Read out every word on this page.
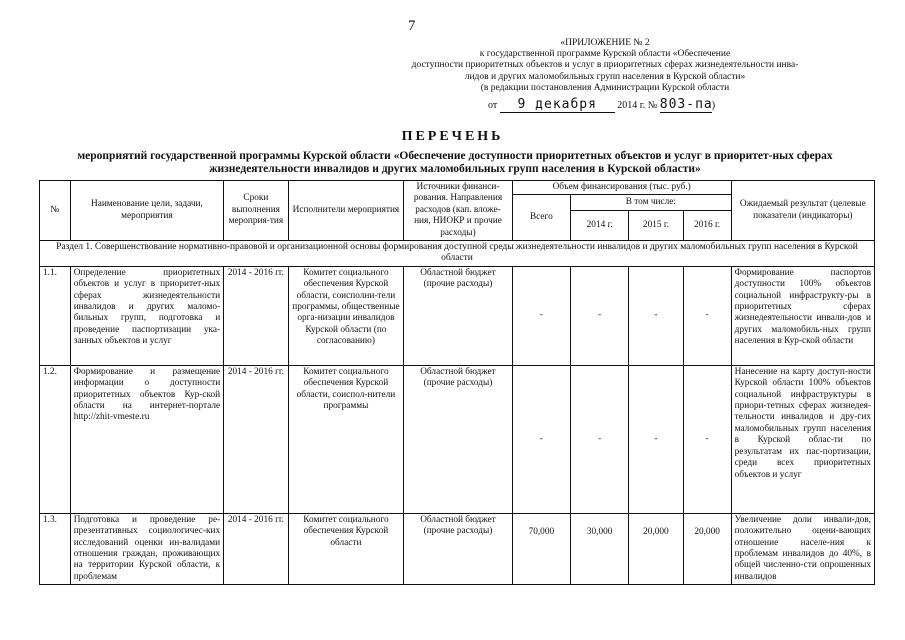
7
«ПРИЛОЖЕНИЕ № 2
к государственной программе Курской области «Обеспечение
доступности приоритетных объектов и услуг в приоритетных сферах жизнедеятельности инва-
лидов и других маломобильных групп населения в Курской области»
(в редакции постановления Администрации Курской области
от 9 декабря 2014 г. № 803-па)
ПЕРЕЧЕНЬ
мероприятий государственной программы Курской области «Обеспечение доступности приоритетных объектов и услуг в приоритет-ных сферах жизнедеятельности инвалидов и других маломобильных групп населения в Курской области»
№	Наименование цели, задачи, мероприятия	Сроки выполнения мероприя-тия	Исполнители мероприятия	Источники финанси-рования. Направления расходов (кап. вложе-ния, НИОКР и прочие расходы)	Объем финансирования (тыс. руб.)				Ожидаемый результат (целевые показатели (индикаторы)
					Всего	В том числе:			
						2014 г.	2015 г.	2016 г.	
Раздел 1. Совершенствование нормативно-правовой и организационной основы формирования доступной среды жизнедеятельности инвалидов и других маломобильных групп населения в Курской области									
1.1.	Определение приоритетных объектов и услуг в приоритет-ных сферах жизнедеятельности инвалидов и других маломо-бильных групп, подготовка и проведение паспортизации ука-занных объектов и услуг	2014 - 2016 гг.	Комитет социального обеспечения Курской области, соисполни-тели программы, общественные орга-низации инвалидов Курской области (по согласованию)	Областной бюджет (прочие расходы)	-	-	-	-	Формирование паспортов доступности 100% объектов социальной инфраструкту-ры в приоритетных сферах жизнедеятельности инвали-дов и других маломобиль-ных групп населения в Кур-ской области
1.2.	Формирование и размещение информации о доступности приоритетных объектов Кур-ской области на интернет-портале http://zhit-vmeste.ru	2014 - 2016 гг.	Комитет социального обеспечения Курской области, соиспол-нители программы	Областной бюджет (прочие расходы)	-	-	-	-	Нанесение на карту доступ-ности Курской области 100% объектов социальной инфраструктуры в приори-тетных сферах жизнедея-тельности инвалидов и дру-гих маломобильных групп населения в Курской облас-ти по результатам их пас-портизации, среди всех приоритетных объектов и услуг
1.3.	Подготовка и проведение ре-презентативных социологичес-ких исследований оценки ин-валидами отношения граждан, проживающих на территории Курской области, к проблемам	2014 - 2016 гг.	Комитет социального обеспечения Курской области	Областной бюджет (прочие расходы)	70,000	30,000	20,000	20,000	Увеличение доли инвали-дов, положительно оцени-вающих отношение населе-ния к проблемам инвалидов до 40%, в общей численно-сти опрошенных инвалидов
